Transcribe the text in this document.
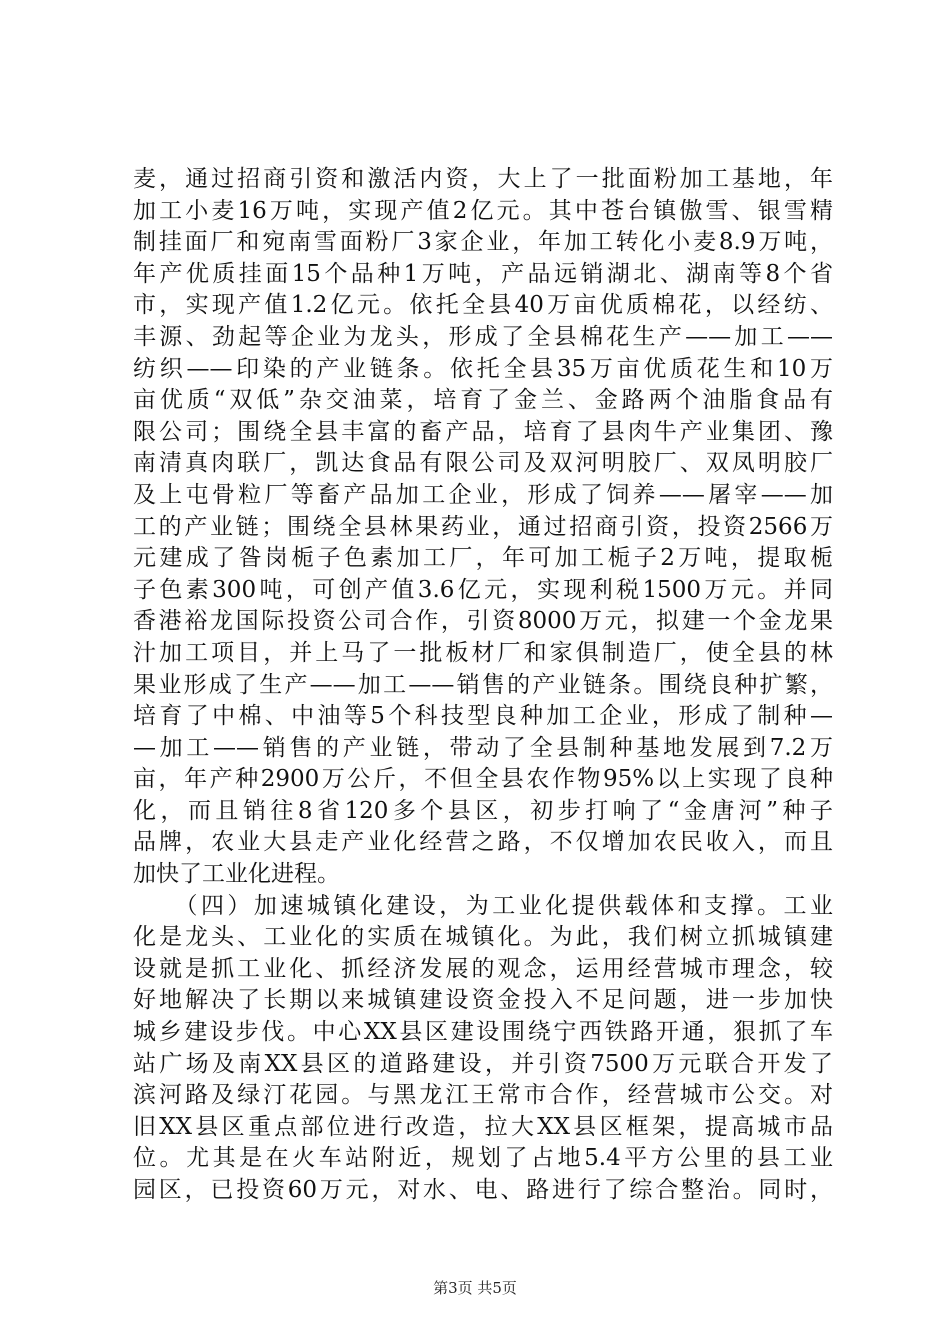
麦，通过招商引资和激活内资，大上了一批面粉加工基地，年
加工小麦16万吨，实现产值2亿元。其中苍台镇傲雪、银雪精
制挂面厂和宛南雪面粉厂3家企业，年加工转化小麦8.9万吨，
年产优质挂面15个品种1万吨，产品远销湖北、湖南等8个省
市，实现产值1.2亿元。依托全县40万亩优质棉花，以经纺、
丰源、劲起等企业为龙头，形成了全县棉花生产——加工——
纺织——印染的产业链条。依托全县35万亩优质花生和10万
亩优质“双低”杂交油菜，培育了金兰、金路两个油脂食品有
限公司；围绕全县丰富的畜产品，培育了县肉牛产业集团、豫
南清真肉联厂，凯达食品有限公司及双河明胶厂、双凤明胶厂
及上屯骨粒厂等畜产品加工企业，形成了饲养——屠宰——加
工的产业链；围绕全县林果药业，通过招商引资，投资2566万
元建成了昝岗栀子色素加工厂，年可加工栀子2万吨，提取栀
子色素300吨，可创产值3.6亿元，实现利税1500万元。并同
香港裕龙国际投资公司合作，引资8000万元，拟建一个金龙果
汁加工项目，并上马了一批板材厂和家俱制造厂，使全县的林
果业形成了生产——加工——销售的产业链条。围绕良种扩繁，
培育了中棉、中油等5个科技型良种加工企业，形成了制种—
—加工——销售的产业链，带动了全县制种基地发展到7.2万
亩，年产种2900万公斤，不但全县农作物95%以上实现了良种
化，而且销往8省120多个县区，初步打响了“金唐河”种子
品牌，农业大县走产业化经营之路，不仅增加农民收入，而且
加快了工业化进程。
　　（四）加速城镇化建设，为工业化提供载体和支撑。工业
化是龙头、工业化的实质在城镇化。为此，我们树立抓城镇建
设就是抓工业化、抓经济发展的观念，运用经营城市理念，较
好地解决了长期以来城镇建设资金投入不足问题，进一步加快
城乡建设步伐。中心XX县区建设围绕宁西铁路开通，狠抓了车
站广场及南XX县区的道路建设，并引资7500万元联合开发了
滨河路及绿汀花园。与黑龙江王常市合作，经营城市公交。对
旧XX县区重点部位进行改造，拉大XX县区框架，提高城市品
位。尤其是在火车站附近，规划了占地5.4平方公里的县工业
园区，已投资60万元，对水、电、路进行了综合整治。同时，
第3页 共5页
